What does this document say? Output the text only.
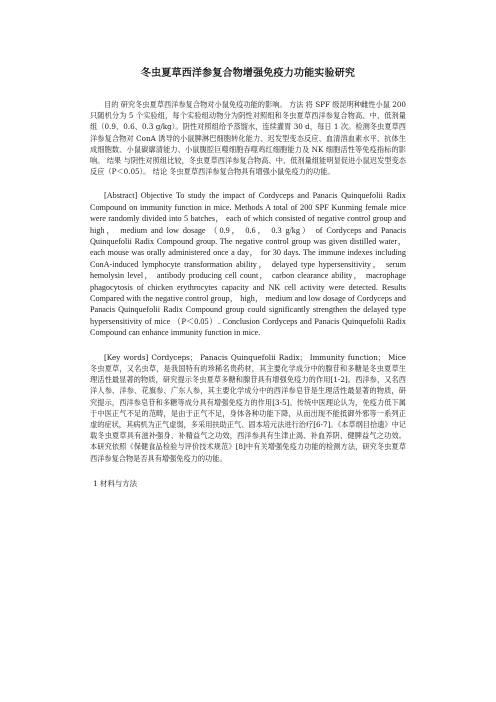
冬虫夏草西洋参复合物增强免疫力功能实验研究

目的 研究冬虫夏草西洋参复合物对小鼠免疫功能的影响。 方法 将 SPF 级昆明种雌性小鼠 200 只随机分为 5 个实验组，每个实验组动物分为阴性对照组和冬虫夏草西洋参复合物高、中、低剂量组（0.9、0.6、0.3 g/kg）。阴性对照组给予蒸馏水，连续灌胃 30 d，每日 1 次。检测冬虫夏草西洋参复合物对 ConA 诱导的小鼠脾淋巴细胞转化能力、迟发型变态反应、血清溶血素水平、抗体生成细胞数、小鼠碳廓清能力、小鼠腹腔巨噬细胞吞噬鸡红细胞能力及 NK 细胞活性等免疫指标的影响。 结果 与阴性对照组比较，冬虫夏草西洋参复合物高、中、低剂量组能明显促进小鼠迟发型变态反应（P＜0.05）。 结论 冬虫夏草西洋参复合物具有增强小鼠免疫力的功能。

[Abstract] Objective To study the impact of Cordyceps and Panacis Quinquefolii Radix Compound on immunity function in mice. Methods A total of 200 SPF Kunming female mice were randomly divided into 5 batches， each of which consisted of negative control group and high， medium and low dosage （0.9， 0.6， 0.3 g/kg） of Cordyceps and Panacis Quinquefolii Radix Compound group. The negative control group was given distilled water， each mouse was orally administered once a day， for 30 days. The immune indexes including ConA-induced lymphocyte transformation ability， delayed type hypersensitivity， serum hemolysin level， antibody producing cell count， carbon clearance ability， macrophage phagocytosis of chicken erythrocytes capacity and NK cell activity were detected. Results Compared with the negative control group， high， medium and low dosage of Cordyceps and Panacis Quinquefolii Radix Compound group could significantly strengthen the delayed type hypersensitivity of mice （P＜0.05）. Conclusion Cordyceps and Panacis Quinquefolii Radix Compound can enhance immunity function in mice.

[Key words] Cordyceps； Panacis Quinquefolii Radix； Immunity function； Mice 冬虫夏草，又名虫草，是我国特有的珍稀名贵药材，其主要化学成分中的腺苷和多糖是冬虫夏草生理活性最显著的物质，研究提示冬虫夏草多糖和腺苷具有增强免疫力的作用[1-2]。西洋参，又名西洋人参、洋参、花旗参、广东人参，其主要化学成分中的西洋参皂苷是生理活性最显著的物质，研究提示，西洋参皂苷和多糖等成分具有增强免疫力的作用[3-5]。传统中医理论认为，免疫力低下属于中医正气不足的范畴，是由于正气不足，身体各种功能下降，从而出现不能抵御外邪等一系列正虚的症状，其病机为正气虚弱，多采用扶助正气、固本培元法进行治疗[6-7]。《本草纲目拾遗》中记载冬虫夏草具有滋补强身、补精益气之功效，西洋参具有生津止渴、补血养阴、健脾益气之功效。本研究依照《保健食品检验与评价技术规范》[8]中有关增强免疫力功能的检测方法，研究冬虫夏草西洋参复合物是否具有增强免疫力的功能。

1 材料与方法
